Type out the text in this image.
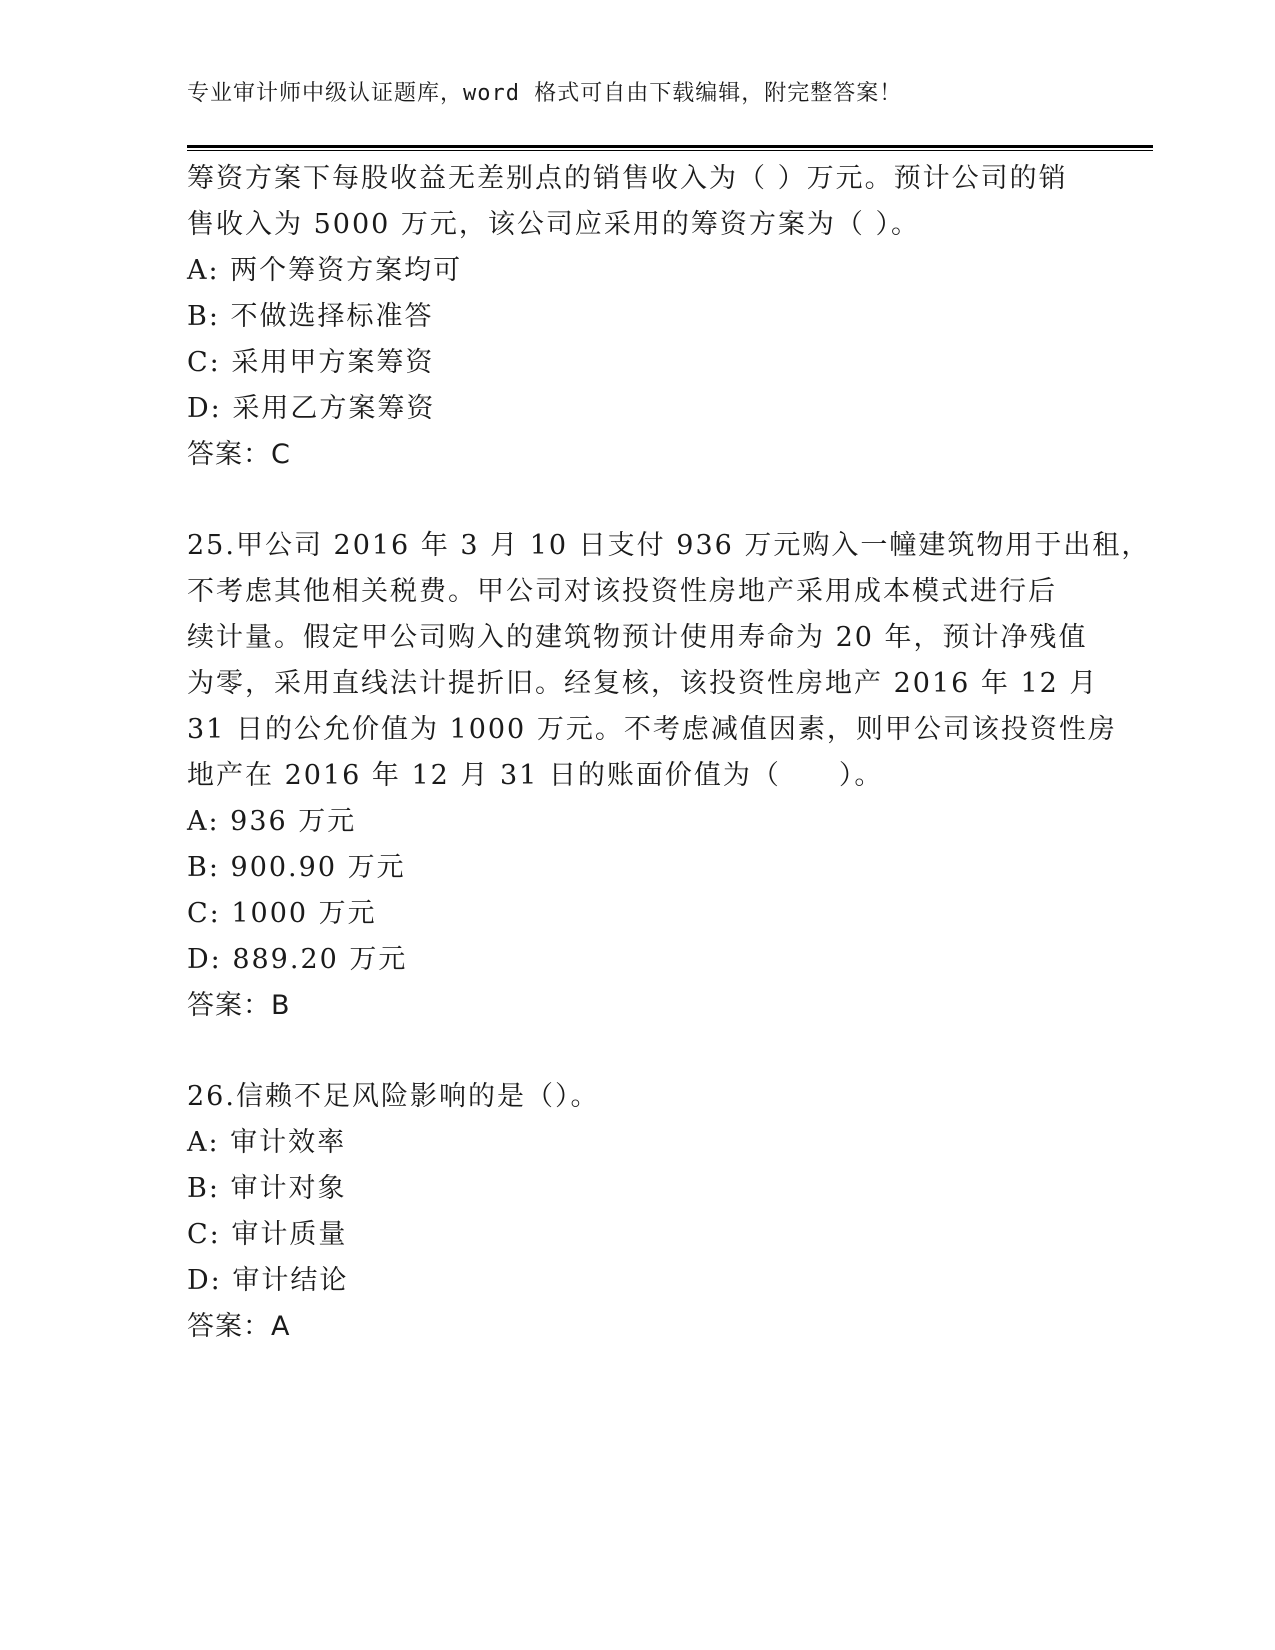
专业审计师中级认证题库，word 格式可自由下载编辑，附完整答案！
筹资方案下每股收益无差别点的销售收入为（ ）万元。预计公司的销
售收入为 5000 万元，该公司应采用的筹资方案为（ ）。
A: 两个筹资方案均可
B: 不做选择标准答
C: 采用甲方案筹资
D: 采用乙方案筹资
答案：C
25.甲公司 2016 年 3 月 10 日支付 936 万元购入一幢建筑物用于出租，
不考虑其他相关税费。甲公司对该投资性房地产采用成本模式进行后
续计量。假定甲公司购入的建筑物预计使用寿命为 20 年，预计净残值
为零，采用直线法计提折旧。经复核，该投资性房地产 2016 年 12 月
31 日的公允价值为 1000 万元。不考虑减值因素，则甲公司该投资性房
地产在 2016 年 12 月 31 日的账面价值为（　　）。
A: 936 万元
B: 900.90 万元
C: 1000 万元
D: 889.20 万元
答案：B
26.信赖不足风险影响的是（）。
A: 审计效率
B: 审计对象
C: 审计质量
D: 审计结论
答案：A
